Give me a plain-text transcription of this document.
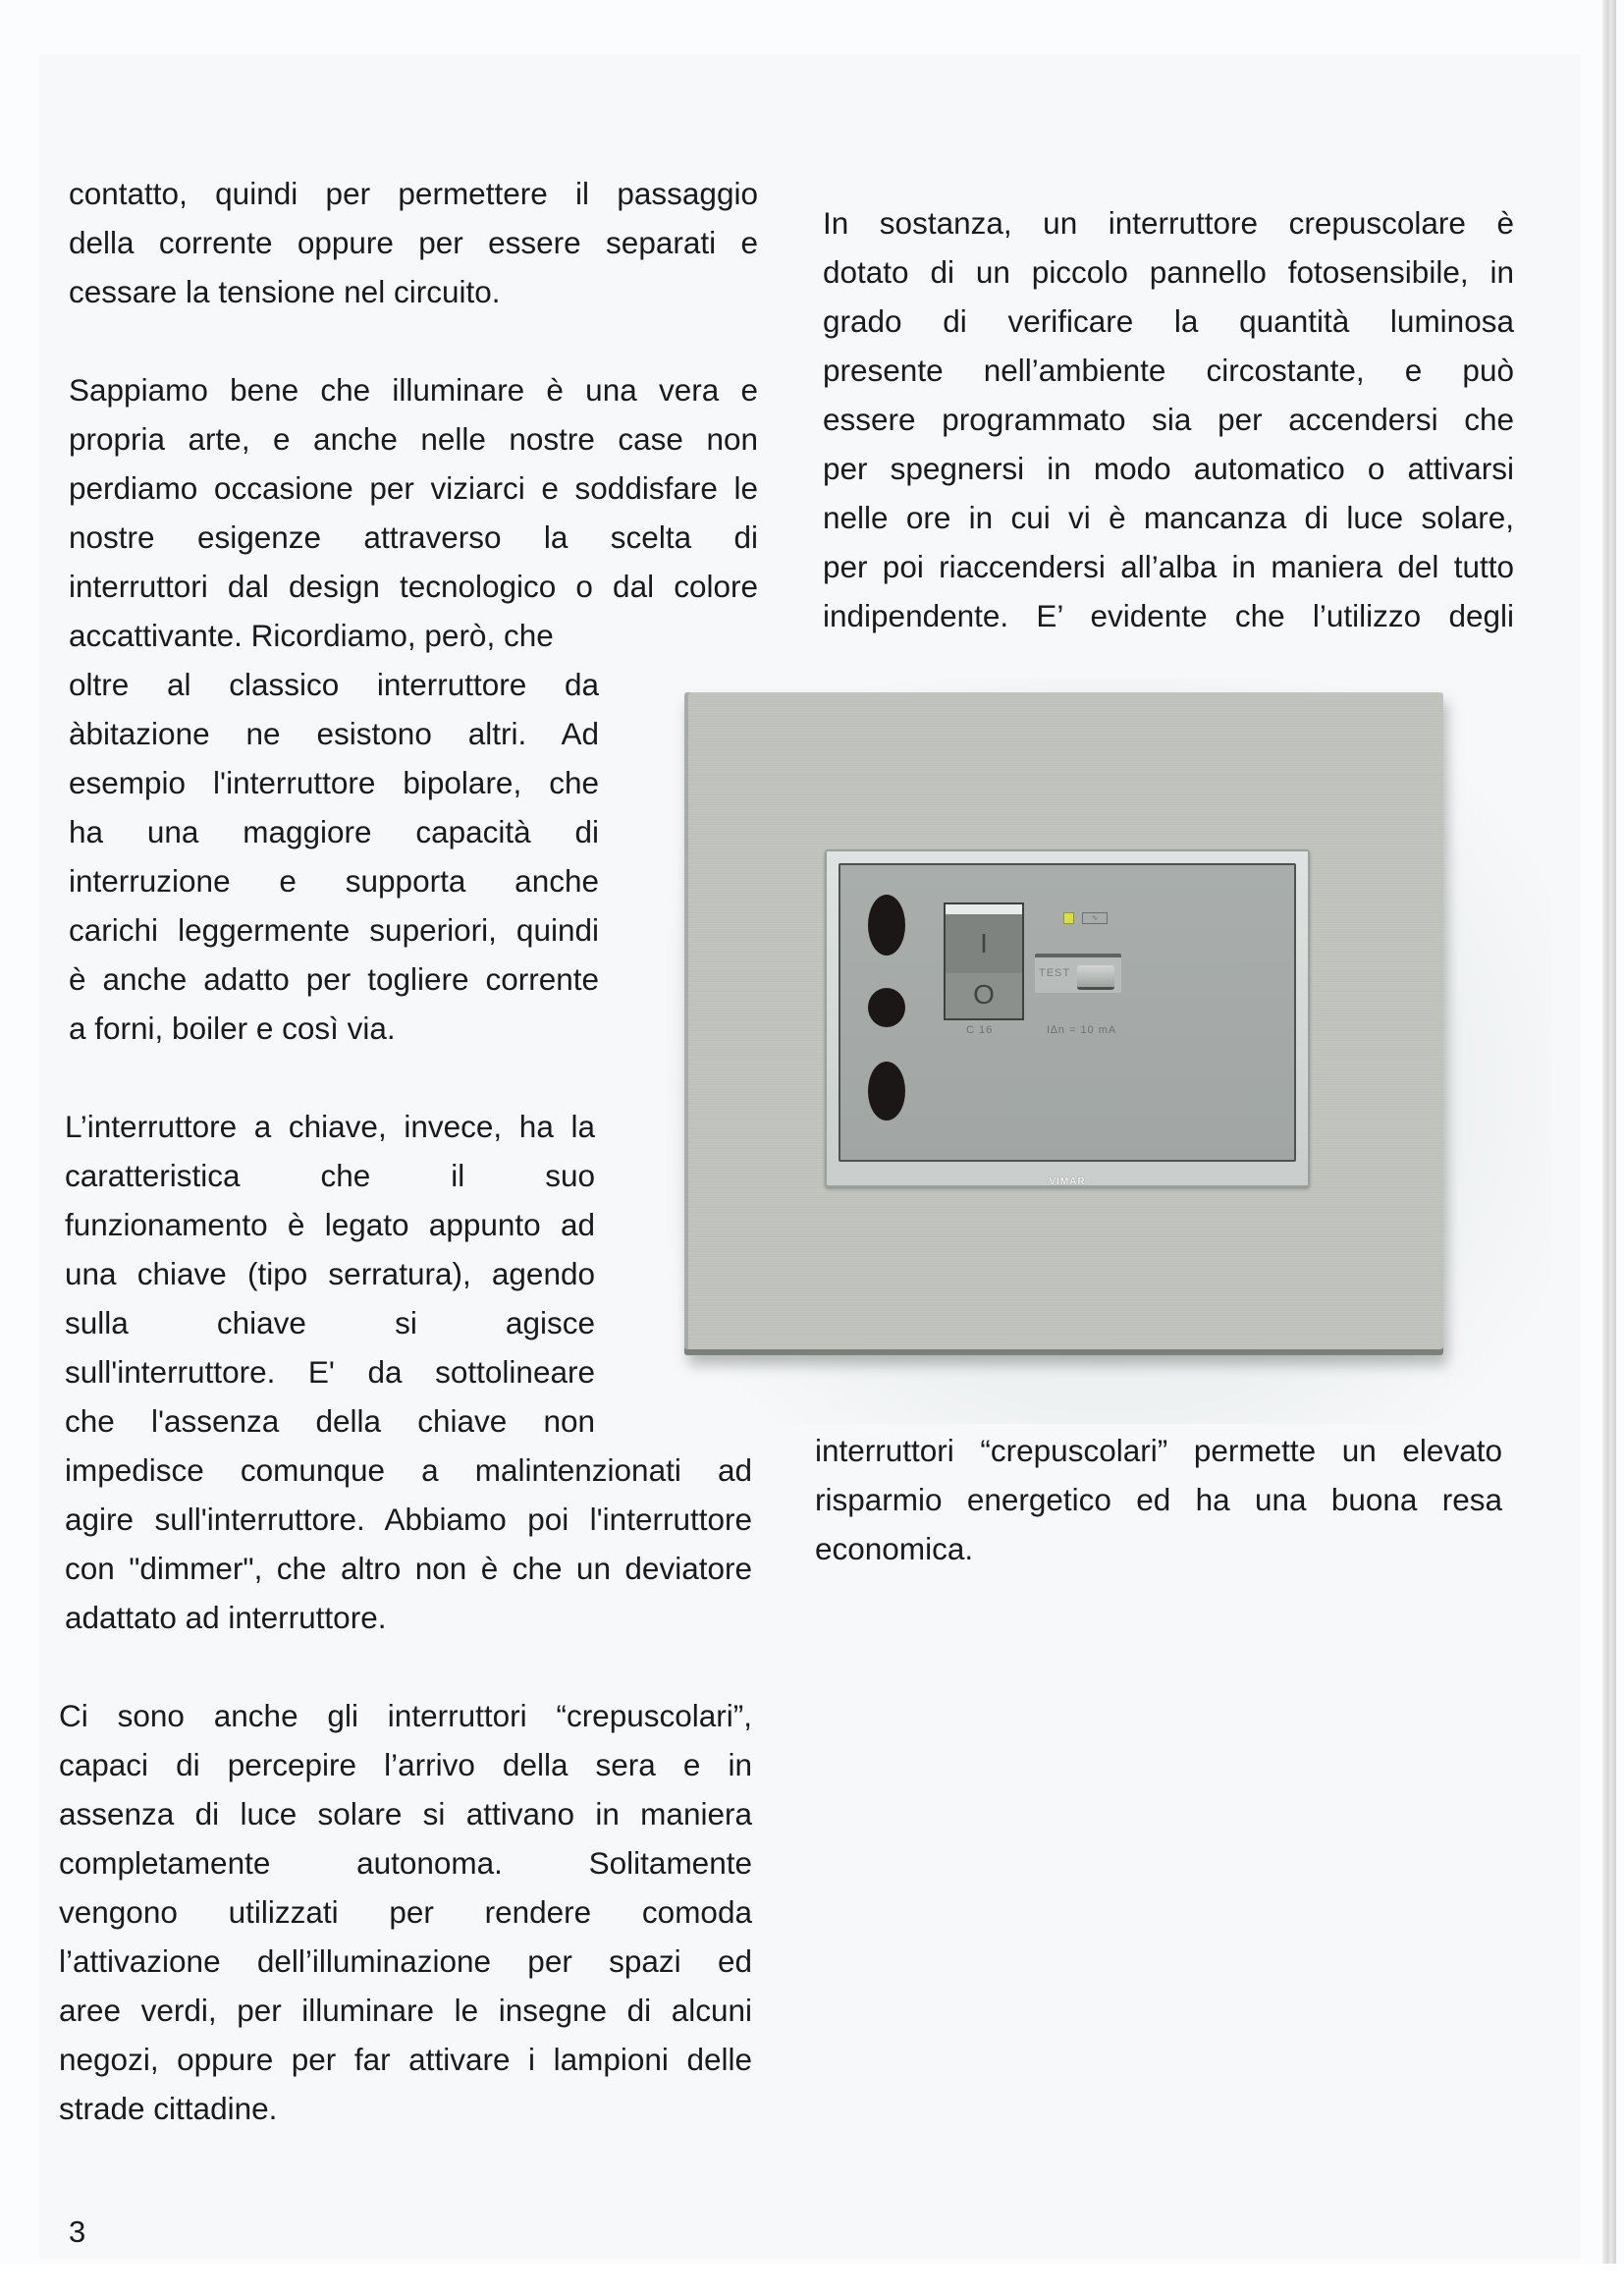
contatto, quindi per permettere il passaggio
della corrente oppure per essere separati e
cessare la tensione nel circuito.
Sappiamo bene che illuminare è una vera e
propria arte, e anche nelle nostre case non
perdiamo occasione per viziarci e soddisfare le
nostre esigenze attraverso la scelta di
interruttori dal design tecnologico o dal colore
accattivante. Ricordiamo, però, che
oltre al classico interruttore da
àbitazione ne esistono altri. Ad
esempio l'interruttore bipolare, che
ha una maggiore capacità di
interruzione e supporta anche
carichi leggermente superiori, quindi
è anche adatto per togliere corrente
a forni, boiler e così via.
L’interruttore a chiave, invece, ha la
caratteristica che il suo
funzionamento è legato appunto ad
una chiave (tipo serratura), agendo
sulla chiave si agisce
sull'interruttore. E' da sottolineare
che l'assenza della chiave non
impedisce comunque a malintenzionati ad
agire sull'interruttore. Abbiamo poi l'interruttore
con "dimmer", che altro non è che un deviatore
adattato ad interruttore.
Ci sono anche gli interruttori “crepuscolari”,
capaci di percepire l’arrivo della sera e in
assenza di luce solare si attivano in maniera
completamente autonoma. Solitamente
vengono utilizzati per rendere comoda
l’attivazione dell’illuminazione per spazi ed
aree verdi, per illuminare le insegne di alcuni
negozi, oppure per far attivare i lampioni delle
strade cittadine.
In sostanza, un interruttore crepuscolare è
dotato di un piccolo pannello fotosensibile, in
grado di verificare la quantità luminosa
presente nell’ambiente circostante, e può
essere programmato sia per accendersi che
per spegnersi in modo automatico o attivarsi
nelle ore in cui vi è mancanza di luce solare,
per poi riaccendersi all’alba in maniera del tutto
indipendente. E’ evidente che l’utilizzo degli
I
O
C 16
∿
TEST
I∆n = 10 mA
VIMAR
interruttori “crepuscolari” permette un elevato
risparmio energetico ed ha una buona resa
economica.
3
